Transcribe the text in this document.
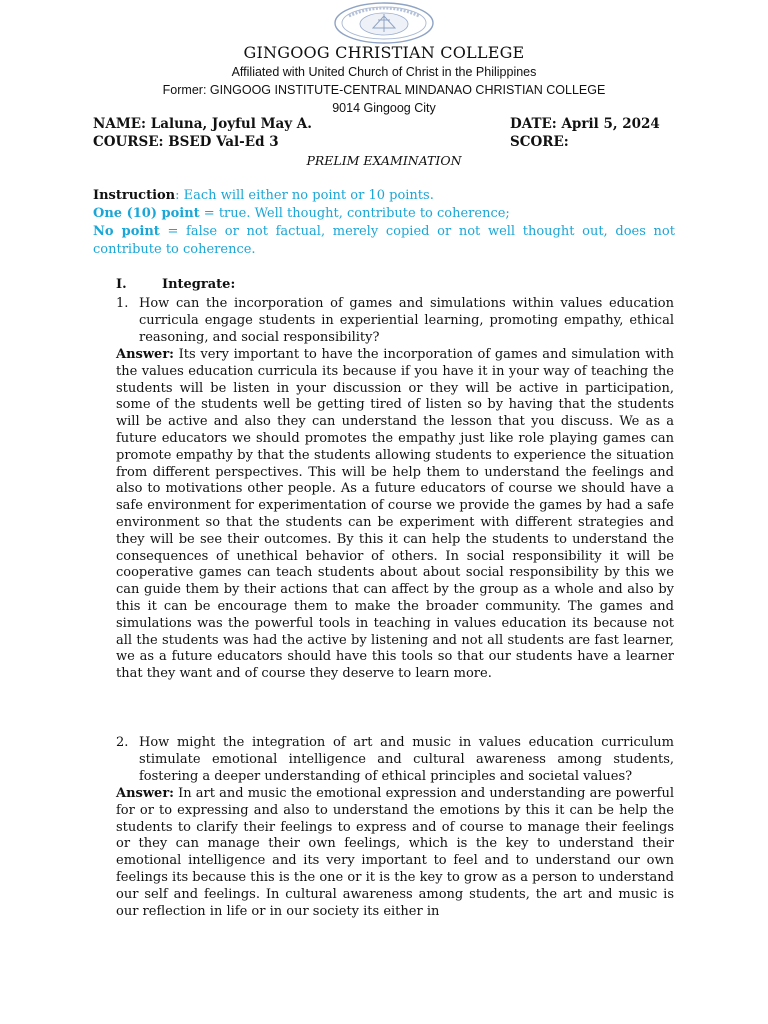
GINGOOG CHRISTIAN COLLEGE
Affiliated with United Church of Christ in the Philippines
Former: GINGOOG INSTITUTE-CENTRAL MINDANAO CHRISTIAN COLLEGE
9014 Gingoog City
NAME: Laluna, Joyful May A.	DATE: April 5, 2024
COURSE: BSED Val-Ed 3	SCORE:
PRELIM EXAMINATION
Instruction: Each will either no point or 10 points.
One (10) point = true. Well thought, contribute to coherence;
No point = false or not factual, merely copied or not well thought out, does not contribute to coherence.
I.	Integrate:
1. How can the incorporation of games and simulations within values education curricula engage students in experiential learning, promoting empathy, ethical reasoning, and social responsibility?
Answer: Its very important to have the incorporation of games and simulation with the values education curricula its because if you have it in your way of teaching the students will be listen in your discussion or they will be active in participation, some of the students well be getting tired of listen so by having that the students will be active and also they can understand the lesson that you discuss. We as a future educators we should promotes the empathy just like role playing games can promote empathy by that the students allowing students to experience the situation from different perspectives. This will be help them to understand the feelings and also to motivations other people. As a future educators of course we should have a safe environment for experimentation of course we provide the games by had a safe environment so that the students can be experiment with different strategies and they will be see their outcomes. By this it can help the students to understand the consequences of unethical behavior of others. In social responsibility it will be cooperative games can teach students about about social responsibility by this we can guide them by their actions that can affect by the group as a whole and also by this it can be encourage them to make the broader community. The games and simulations was the powerful tools in teaching in values education its because not all the students was had the active by listening and not all students are fast learner, we as a future educators should have this tools so that our students have a learner that they want and of course they deserve to learn more.
2. How might the integration of art and music in values education curriculum stimulate emotional intelligence and cultural awareness among students, fostering a deeper understanding of ethical principles and societal values?
Answer: In art and music the emotional expression and understanding are powerful for or to expressing and also to understand the emotions by this it can be help the students to clarify their feelings to express and of course to manage their feelings or they can manage their own feelings, which is the key to understand their emotional intelligence and its very important to feel and to understand our own feelings its because this is the one or it is the key to grow as a person to understand our self and feelings. In cultural awareness among students, the art and music is our reflection in life or in our society its either in
